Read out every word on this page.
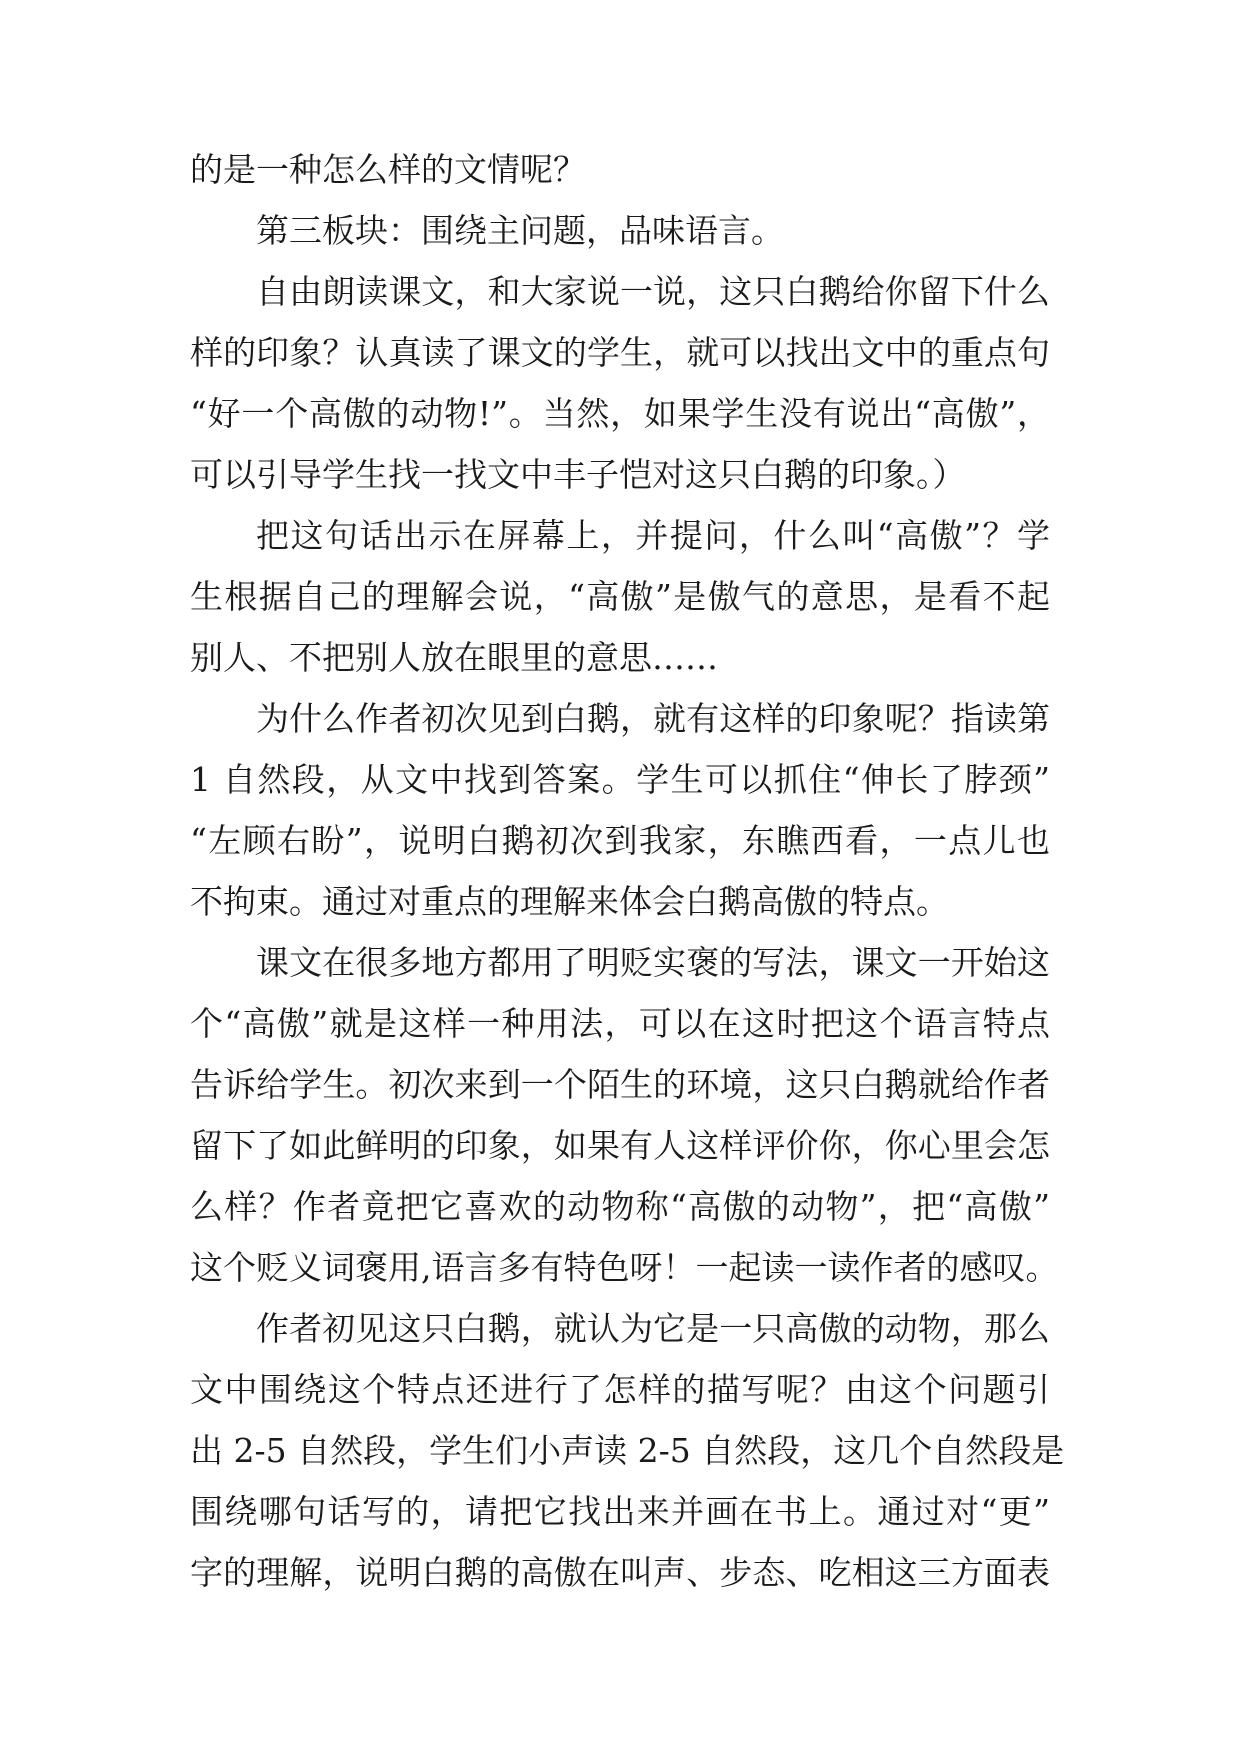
的是一种怎么样的文情呢？
第三板块：围绕主问题，品味语言。
自由朗读课文，和大家说一说，这只白鹅给你留下什么
样的印象？认真读了课文的学生，就可以找出文中的重点句
“好一个高傲的动物!”。当然，如果学生没有说出“高傲”，
可以引导学生找一找文中丰子恺对这只白鹅的印象。）
把这句话出示在屏幕上，并提问，什么叫“高傲”？学
生根据自己的理解会说，“高傲”是傲气的意思，是看不起
别人、不把别人放在眼里的意思……
为什么作者初次见到白鹅，就有这样的印象呢？指读第
1 自然段，从文中找到答案。学生可以抓住“伸长了脖颈”
“左顾右盼”，说明白鹅初次到我家，东瞧西看，一点儿也
不拘束。通过对重点的理解来体会白鹅高傲的特点。
课文在很多地方都用了明贬实褒的写法，课文一开始这
个“高傲”就是这样一种用法，可以在这时把这个语言特点
告诉给学生。初次来到一个陌生的环境，这只白鹅就给作者
留下了如此鲜明的印象，如果有人这样评价你，你心里会怎
么样？作者竟把它喜欢的动物称“高傲的动物”，把“高傲”
这个贬义词褒用,语言多有特色呀！一起读一读作者的感叹。
作者初见这只白鹅，就认为它是一只高傲的动物，那么
文中围绕这个特点还进行了怎样的描写呢？由这个问题引
出 2-5 自然段，学生们小声读 2-5 自然段，这几个自然段是
围绕哪句话写的，请把它找出来并画在书上。通过对“更”
字的理解，说明白鹅的高傲在叫声、步态、吃相这三方面表
